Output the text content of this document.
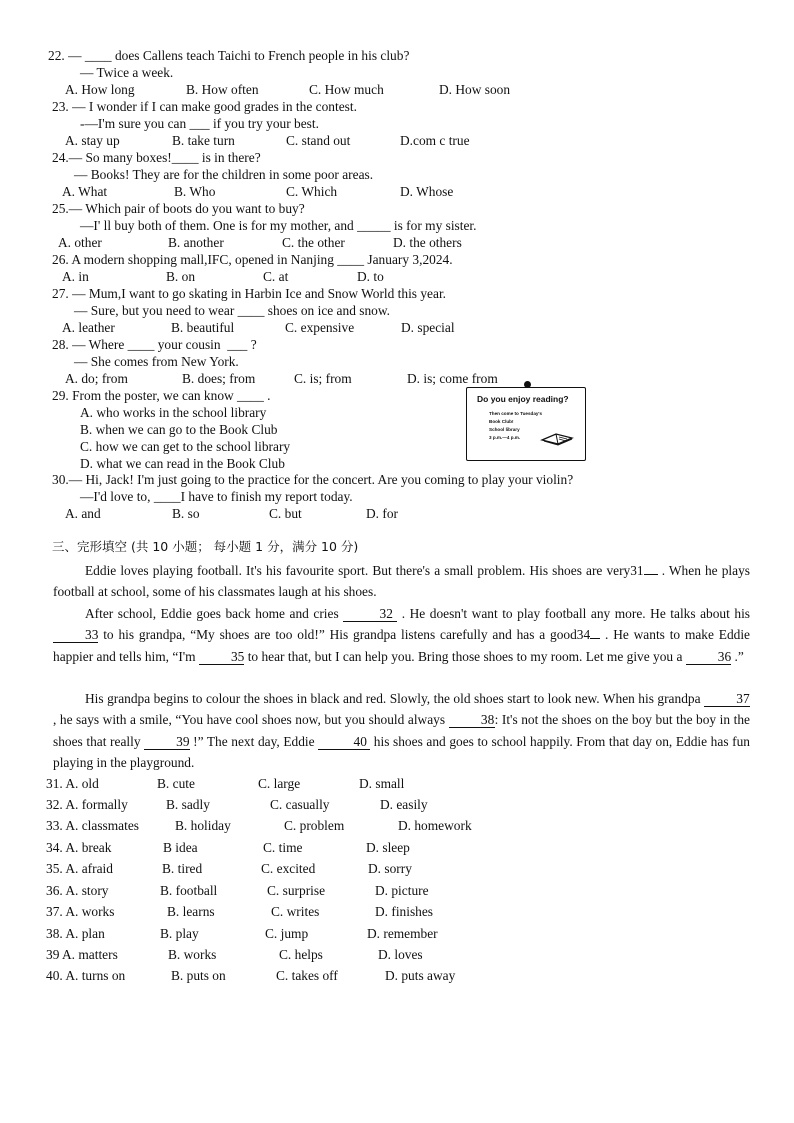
22. — ____ does Callens teach Taichi to French people in his club?
— Twice a week.
A. How long	B. How often	C. How much	D. How soon
23. — I wonder if I can make good grades in the contest.
-—I'm sure you can ___ if you try your best.
A. stay up	B. take turn	C. stand out	D.com c true
24.— So many boxes!____ is in there?
— Books! They are for the children in some poor areas.
A. What	B. Who	C. Which	D. Whose
25.— Which pair of boots do you want to buy?
—I' ll buy both of them. One is for my mother, and _____ is for my sister.
A. other	B. another	C. the other	D. the others
26. A modern shopping mall,IFC, opened in Nanjing ____ January 3,2024.
A. in	B. on	C. at	D. to
27. — Mum,I want to go skating in Harbin Ice and Snow World this year.
— Sure, but you need to wear ____ shoes on ice and snow.
A. leather	B. beautiful	C. expensive	D. special
28. — Where ____ your cousin  ___ ?
— She comes from New York.
A. do; from	B. does; from	C. is; from	D. is; come from
29. From the poster, we can know ____ .
A. who works in the school library
B. when we can go to the Book Club
C. how we can get to the school library
D. what we can read in the Book Club
Do you enjoy reading?
Then come to Tuesday's
Book Club!
School library
3 p.m.—4 p.m.
30.— Hi, Jack! I'm just going to the practice for the concert. Are you coming to play your violin?
—I'd love to, ____I have to finish my report today.
A. and	B. so	C. but	D. for
三、完形填空 (共 10 小题； 每小题 1 分，满分 10 分)
Eddie loves playing football. It's his favourite sport. But there's a small problem. His shoes are very31 . When he plays football at school, some of his classmates laugh at his shoes.
After school, Eddie goes back home and cries	32 . He doesn't want to play football any more. He talks about his 33 to his grandpa, “My shoes are too old!” His grandpa listens carefully and has a good34 . He wants to make Eddie happier and tells him, “I'm 35 to hear that, but I can help you. Bring those shoes to my room. Let me give you a 36 .”
His grandpa begins to colour the shoes in black and red. Slowly, the old shoes start to look new. When his grandpa 37 , he says with a smile, “You have cool shoes now, but you should always 38: It's not the shoes on the boy but the boy in the shoes that really 39 !” The next day, Eddie	40 his shoes and goes to school happily. From that day on, Eddie has fun playing in the playground.
31. A. old	B. cute	C. large	D. small
32. A. formally	B. sadly	C. casually	D. easily
33. A. classmates	B. holiday	C. problem	D. homework
34. A. break	B idea	C. time	D. sleep
35. A. afraid	B. tired	C. excited	D. sorry
36. A. story	B. football	C. surprise	D. picture
37. A. works	B. learns	C. writes	D. finishes
38. A. plan	B. play	C. jump	D. remember
39 A. matters	B. works	C. helps	D. loves
40. A. turns on	B. puts on	C. takes off	D. puts away
